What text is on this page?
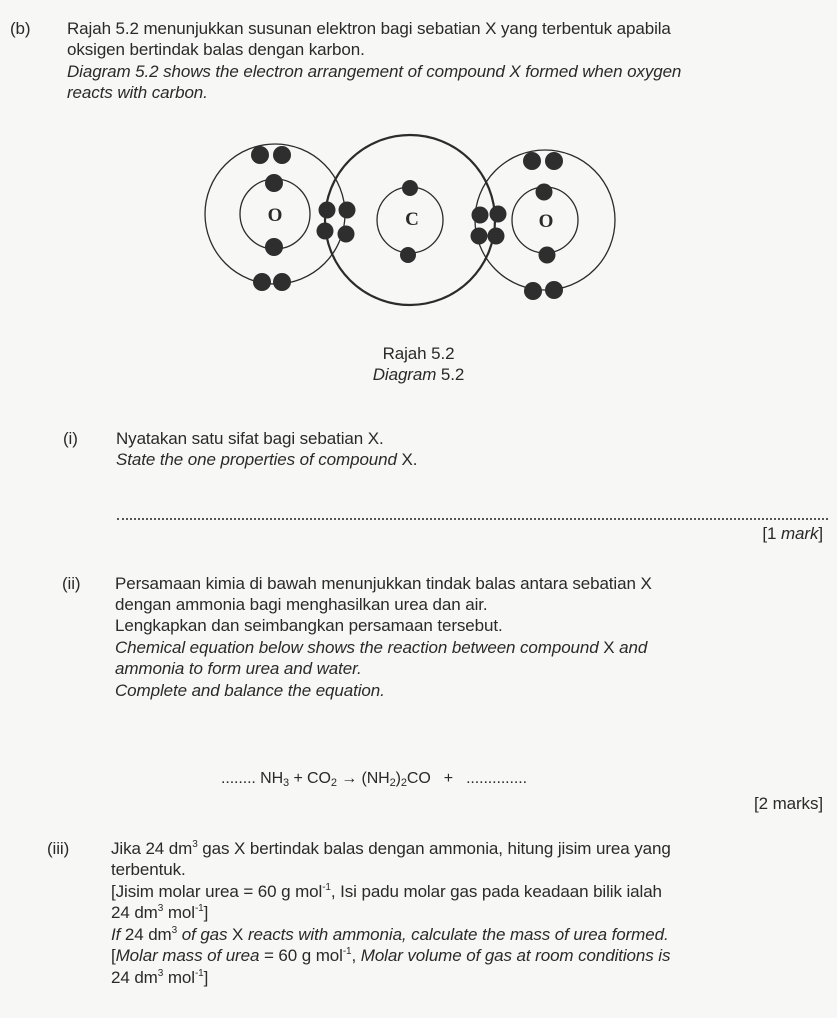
(b) Rajah 5.2 menunjukkan susunan elektron bagi sebatian X yang terbentuk apabila
oksigen bertindak balas dengan karbon.
Diagram 5.2 shows the electron arrangement of compound X formed when oxygen
reacts with carbon.
O	C	O
Rajah 5.2
Diagram 5.2
(i) Nyatakan satu sifat bagi sebatian X.
State the one properties of compound X.
[1 mark]
(ii) Persamaan kimia di bawah menunjukkan tindak balas antara sebatian X
dengan ammonia bagi menghasilkan urea dan air.
Lengkapkan dan seimbangkan persamaan tersebut.
Chemical equation below shows the reaction between compound X and
ammonia to form urea and water.
Complete and balance the equation.
........ $NH_3 + CO_2 \to (NH_2)_2CO$ + ..............
[2 marks]
(iii) Jika 24 $dm^3$ gas X bertindak balas dengan ammonia, hitung jisim urea yang
terbentuk.
[Jisim molar urea = 60 g mol$^{-1}$, Isi padu molar gas pada keadaan bilik ialah
24 $dm^3$ mol$^{-1}$]
If 24 $dm^3$ of gas X reacts with ammonia, calculate the mass of urea formed.
[Molar mass of urea = 60 g mol$^{-1}$, Molar volume of gas at room conditions is
24 $dm^3$ mol$^{-1}$]
